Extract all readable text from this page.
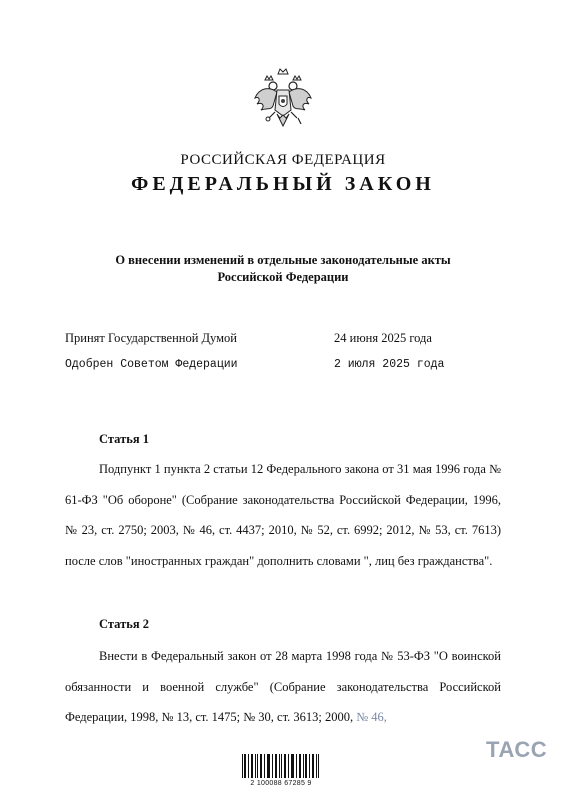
РОССИЙСКАЯ ФЕДЕРАЦИЯ
ФЕДЕРАЛЬНЫЙ ЗАКОН
О внесении изменений в отдельные законодательные акты
Российской Федерации
Принят Государственной Думой	24 июня 2025 года
Одобрен Советом Федерации	2 июля 2025 года
Статья 1
Подпункт 1 пункта 2 статьи 12 Федерального закона от 31 мая 1996 года № 61-ФЗ "Об обороне" (Собрание законодательства Российской Федерации, 1996, № 23, ст. 2750; 2003, № 46, ст. 4437; 2010, № 52, ст. 6992; 2012, № 53, ст. 7613) после слов "иностранных граждан" дополнить словами ", лиц без гражданства".
Статья 2
Внести в Федеральный закон от 28 марта 1998 года № 53-ФЗ "О воинской обязанности и военной службе" (Собрание законодательства Российской Федерации, 1998, № 13, ст. 1475; № 30, ст. 3613; 2000, № 46,
2 100088 67285 9
ТАСС
